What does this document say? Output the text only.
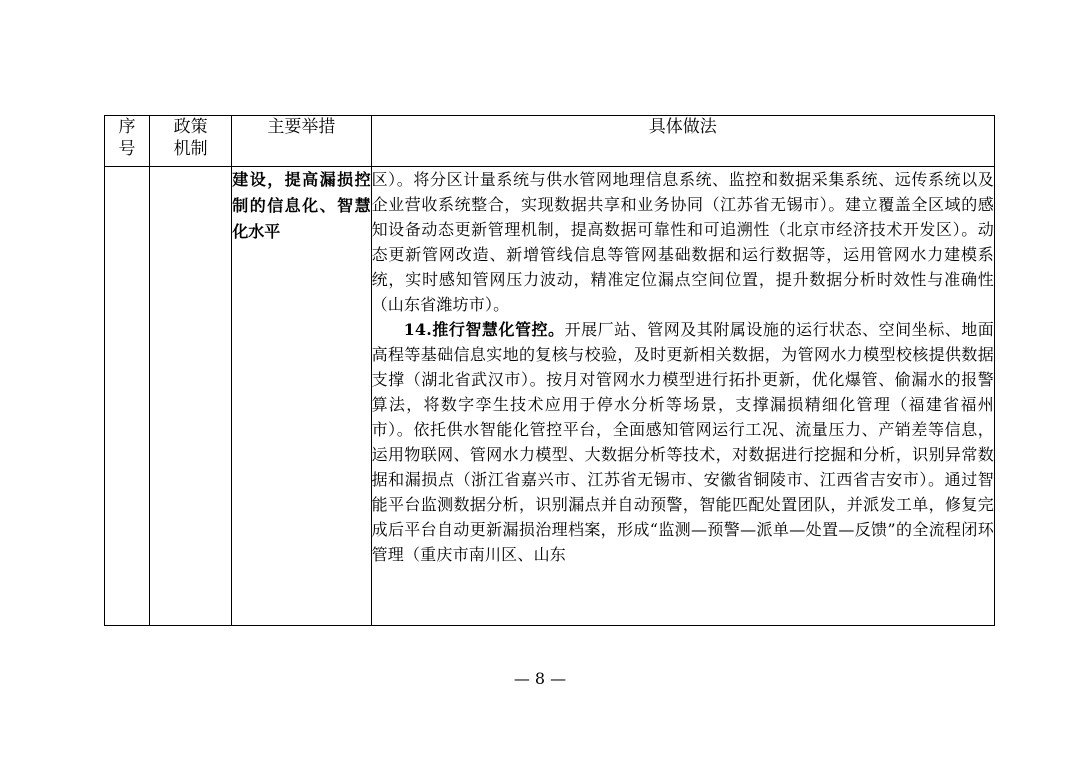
序号	政策机制	主要举措	具体做法
		建设，提高漏损控制的信息化、智慧化水平	区）。将分区计量系统与供水管网地理信息系统、监控和数据采集系统、远传系统以及企业营收系统整合，实现数据共享和业务协同（江苏省无锡市）。建立覆盖全区域的感知设备动态更新管理机制，提高数据可靠性和可追溯性（北京市经济技术开发区）。动态更新管网改造、新增管线信息等管网基础数据和运行数据等，运用管网水力建模系统，实时感知管网压力波动，精准定位漏点空间位置，提升数据分析时效性与准确性（山东省潍坊市）。

14.推行智慧化管控。开展厂站、管网及其附属设施的运行状态、空间坐标、地面高程等基础信息实地的复核与校验，及时更新相关数据，为管网水力模型校核提供数据支撑（湖北省武汉市）。按月对管网水力模型进行拓扑更新，优化爆管、偷漏水的报警算法，将数字孪生技术应用于停水分析等场景，支撑漏损精细化管理（福建省福州市）。依托供水智能化管控平台，全面感知管网运行工况、流量压力、产销差等信息，运用物联网、管网水力模型、大数据分析等技术，对数据进行挖掘和分析，识别异常数据和漏损点（浙江省嘉兴市、江苏省无锡市、安徽省铜陵市、江西省吉安市）。通过智能平台监测数据分析，识别漏点并自动预警，智能匹配处置团队，并派发工单，修复完成后平台自动更新漏损治理档案，形成“监测—预警—派单—处置—反馈”的全流程闭环管理（重庆市南川区、山东

— 8 —
